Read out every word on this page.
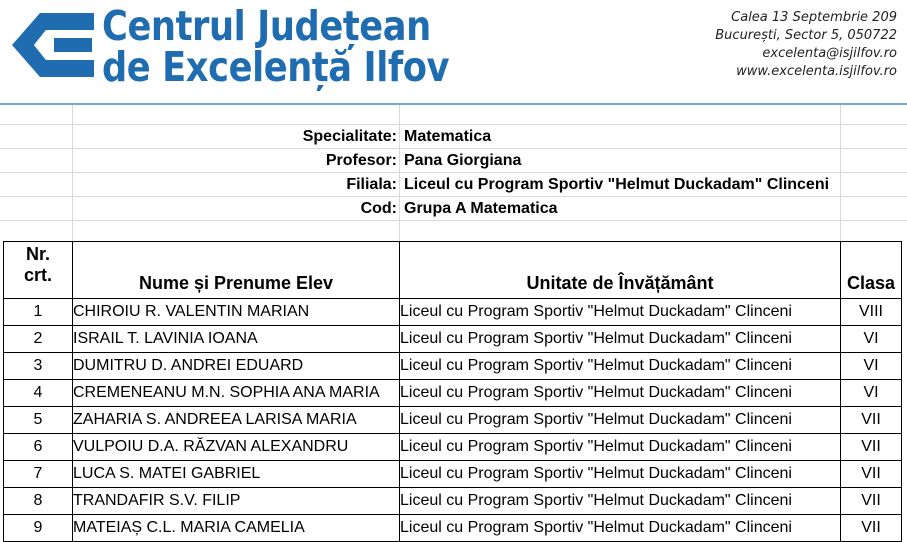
Centrul Județean
de Excelență Ilfov
Calea 13 Septembrie 209
București, Sector 5, 050722
excelenta@isjilfov.ro
www.excelenta.isjilfov.ro
Specialitate: Matematica
Profesor: Pana Giorgiana
Filiala: Liceul cu Program Sportiv "Helmut Duckadam" Clinceni
Cod: Grupa A Matematica
Nr.
crt.	Nume și Prenume Elev	Unitate de Învățământ	Clasa
1	CHIROIU R. VALENTIN MARIAN	Liceul cu Program Sportiv "Helmut Duckadam" Clinceni	VIII
2	ISRAIL T. LAVINIA IOANA	Liceul cu Program Sportiv "Helmut Duckadam" Clinceni	VI
3	DUMITRU D. ANDREI EDUARD	Liceul cu Program Sportiv "Helmut Duckadam" Clinceni	VI
4	CREMENEANU M.N. SOPHIA ANA MARIA	Liceul cu Program Sportiv "Helmut Duckadam" Clinceni	VI
5	ZAHARIA S. ANDREEA LARISA MARIA	Liceul cu Program Sportiv "Helmut Duckadam" Clinceni	VII
6	VULPOIU D.A. RĂZVAN ALEXANDRU	Liceul cu Program Sportiv "Helmut Duckadam" Clinceni	VII
7	LUCA S. MATEI GABRIEL	Liceul cu Program Sportiv "Helmut Duckadam" Clinceni	VII
8	TRANDAFIR S.V. FILIP	Liceul cu Program Sportiv "Helmut Duckadam" Clinceni	VII
9	MATEIAȘ C.L. MARIA CAMELIA	Liceul cu Program Sportiv "Helmut Duckadam" Clinceni	VII
